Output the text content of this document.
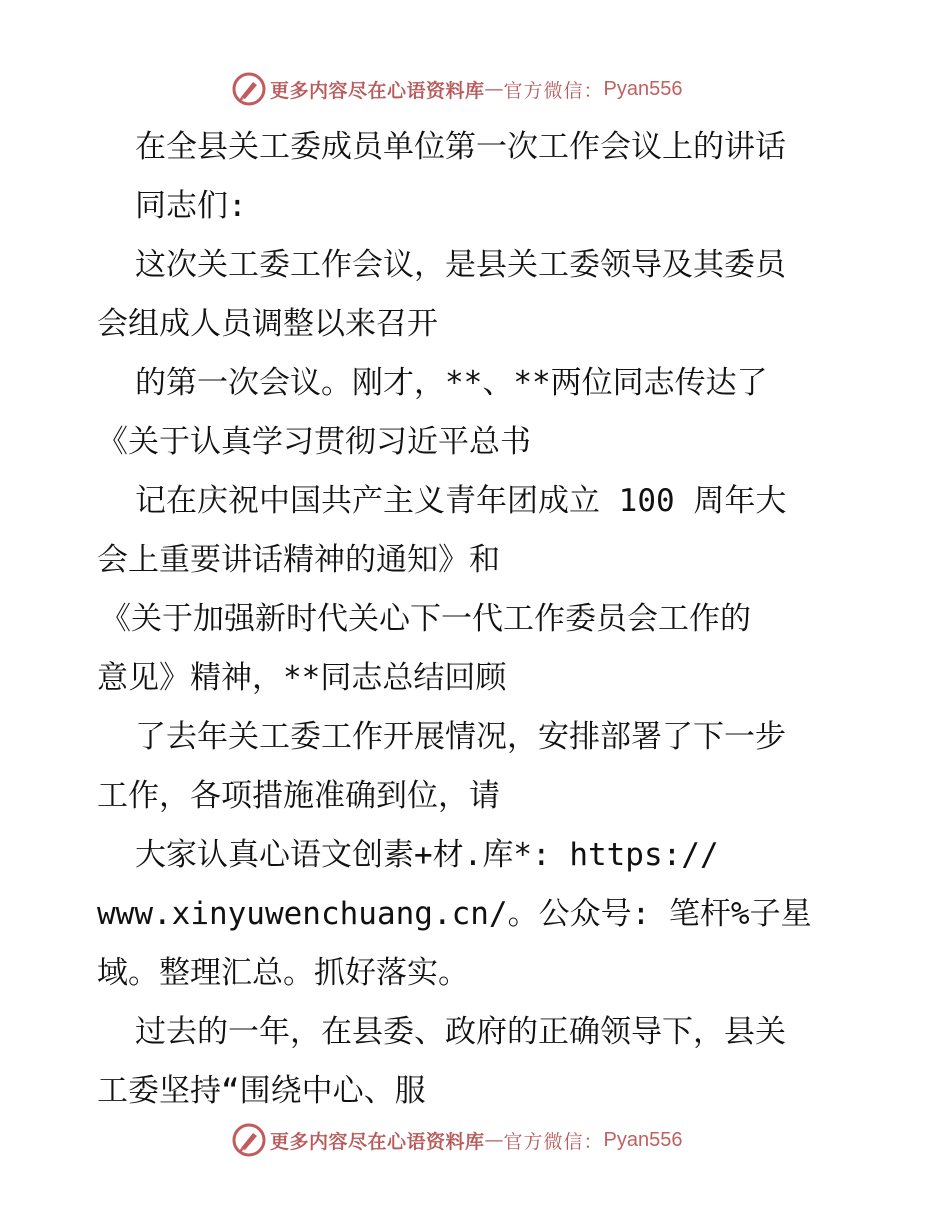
更多内容尽在心语资料库 — 官方微信： Pyan556
在全县关工委成员单位第一次工作会议上的讲话
同志们:
这次关工委工作会议，是县关工委领导及其委员
会组成人员调整以来召开
的第一次会议。刚才，**、**两位同志传达了
《关于认真学习贯彻习近平总书
记在庆祝中国共产主义青年团成立 100 周年大
会上重要讲话精神的通知》和
《关于加强新时代关心下一代工作委员会工作的
意见》精神，**同志总结回顾
了去年关工委工作开展情况，安排部署了下一步
工作，各项措施准确到位，请
大家认真心语文创素+材.库*: https://
www.xinyuwenchuang.cn/。公众号: 笔杆%子星
域。整理汇总。抓好落实。
过去的一年，在县委、政府的正确领导下，县关
工委坚持“围绕中心、服
更多内容尽在心语资料库 — 官方微信： Pyan556
